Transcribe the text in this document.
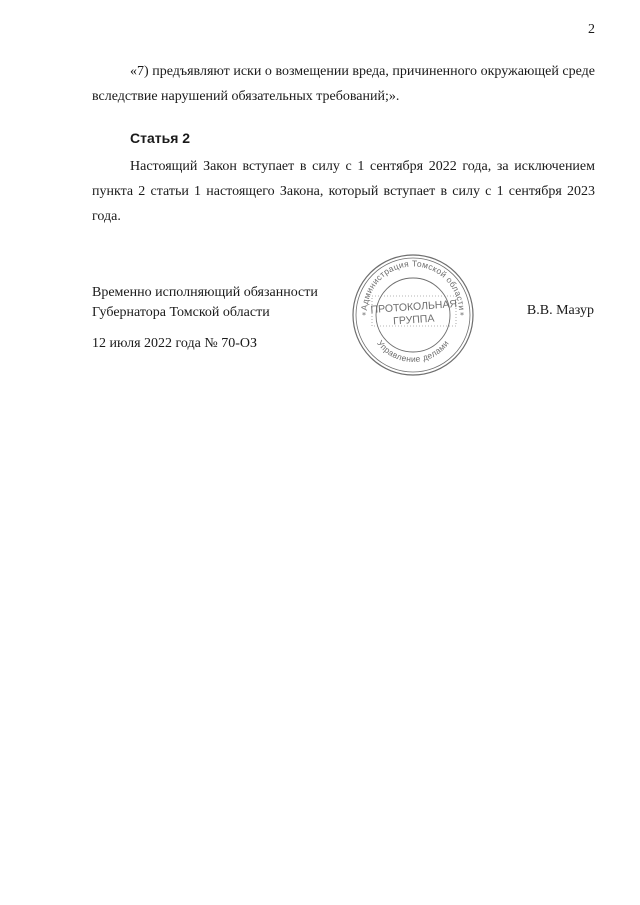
2

«7) предъявляют иски о возмещении вреда, причиненного окружающей среде вследствие нарушений обязательных требований;».

Статья 2

Настоящий Закон вступает в силу с 1 сентября 2022 года, за исключением пункта 2 статьи 1 настоящего Закона, который вступает в силу с 1 сентября 2023 года.

Временно исполняющий обязанности
Губернатора Томской области	Администрация Томской области
Управление делами
*	*
ПРОТОКОЛЬНАЯ
ГРУППА
В.В. Мазур
12 июля 2022 года № 70-ОЗ
